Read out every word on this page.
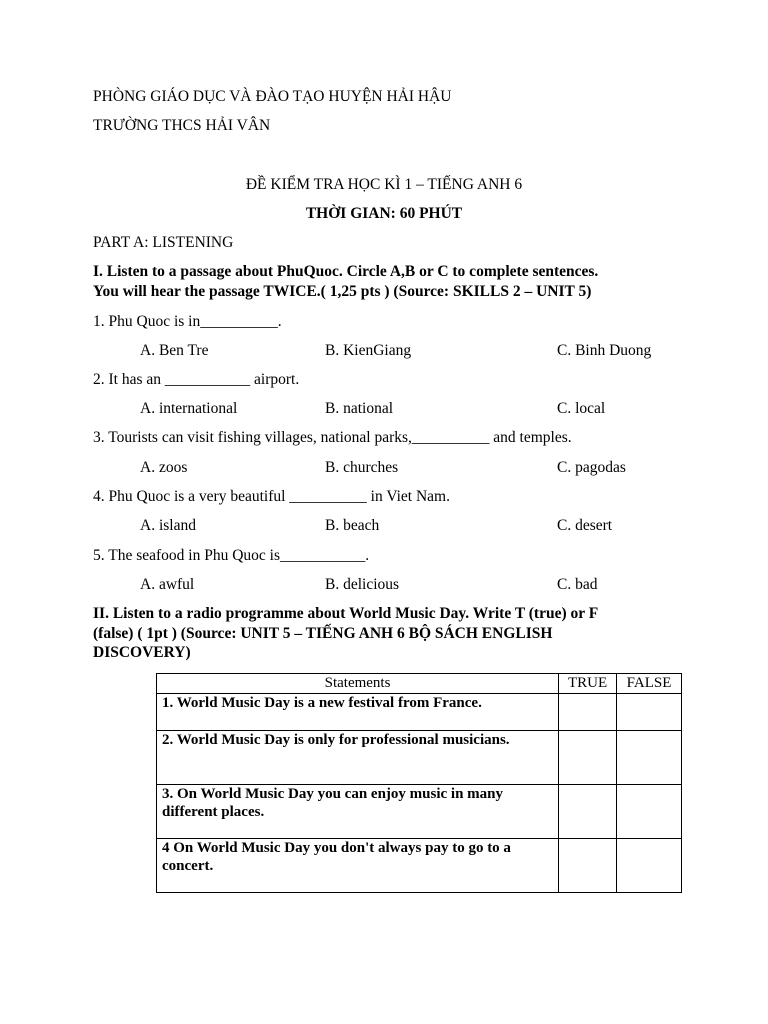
PHÒNG GIÁO DỤC VÀ ĐÀO TẠO HUYỆN HẢI HẬU
TRƯỜNG THCS HẢI VÂN
ĐỀ KIỂM TRA HỌC KÌ 1 – TIẾNG ANH 6
THỜI GIAN: 60 PHÚT
PART A: LISTENING
I. Listen to a passage about PhuQuoc. Circle A,B or C to complete sentences.
You will hear the passage TWICE.( 1,25 pts ) (Source: SKILLS 2 – UNIT 5)
1. Phu Quoc is in__________.
A. Ben Tre	B. KienGiang	C. Binh Duong
2. It has an ___________ airport.
A. international	B. national	C. local
3. Tourists can visit fishing villages, national parks,__________ and temples.
A. zoos	B. churches	C. pagodas
4. Phu Quoc is a very beautiful __________ in Viet Nam.
A. island	B. beach	C. desert
5. The seafood in Phu Quoc is___________.
A. awful	B. delicious	C. bad
II. Listen to a radio programme about World Music Day. Write T (true) or F
(false) ( 1pt ) (Source: UNIT 5 – TIẾNG ANH 6 BỘ SÁCH ENGLISH
DISCOVERY)
Statements	TRUE	FALSE
1. World Music Day is a new festival from France.		
2. World Music Day is only for professional musicians.		
3. On World Music Day you can enjoy music in many different places.		
4 On World Music Day you don't always pay to go to a concert.		
